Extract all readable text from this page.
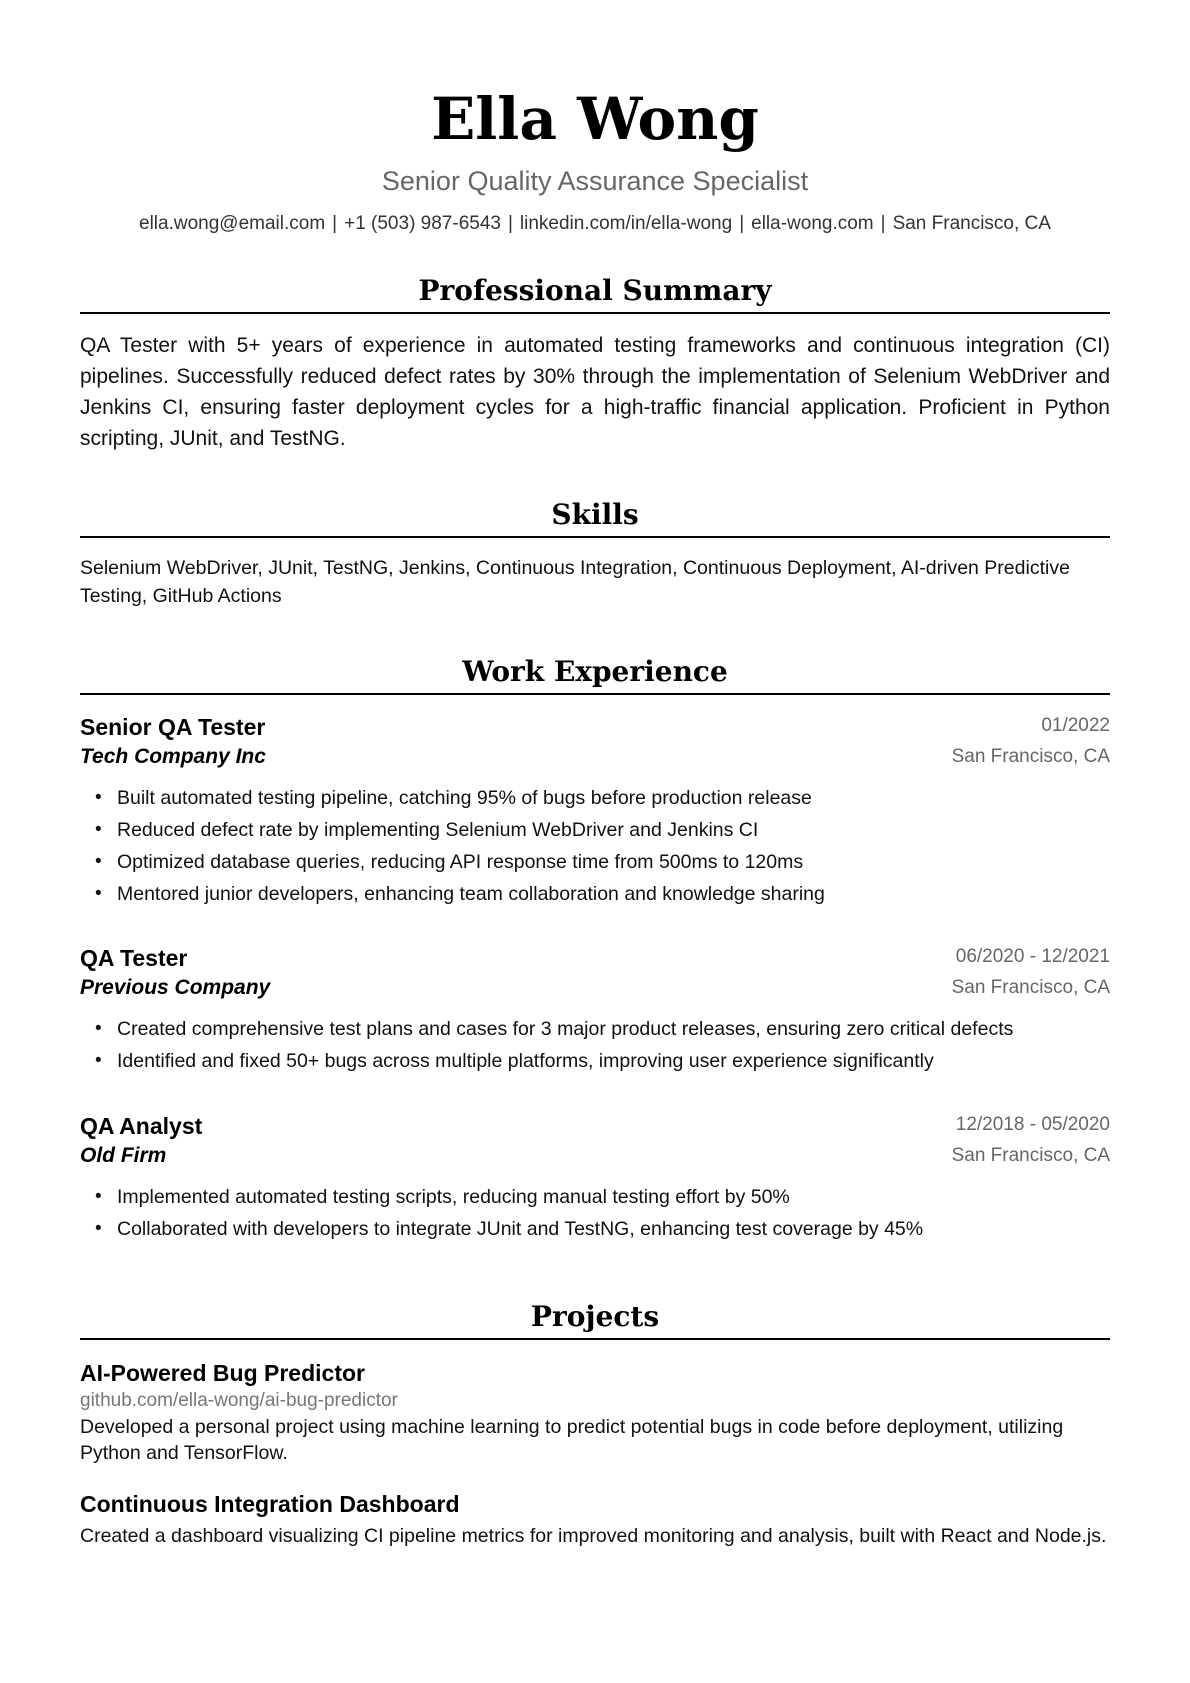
Ella Wong
Senior Quality Assurance Specialist
ella.wong@email.com | +1 (503) 987-6543 | linkedin.com/in/ella-wong | ella-wong.com | San Francisco, CA
Professional Summary

QA Tester with 5+ years of experience in automated testing frameworks and continuous integration (CI) pipelines. Successfully reduced defect rates by 30% through the implementation of Selenium WebDriver and Jenkins CI, ensuring faster deployment cycles for a high-traffic financial application. Proficient in Python scripting, JUnit, and TestNG.

Skills

Selenium WebDriver, JUnit, TestNG, Jenkins, Continuous Integration, Continuous Deployment, AI-driven Predictive Testing, GitHub Actions

Work Experience
Senior QA Tester	01/2022
Tech Company Inc	San Francisco, CA
• Built automated testing pipeline, catching 95% of bugs before production release
• Reduced defect rate by implementing Selenium WebDriver and Jenkins CI
• Optimized database queries, reducing API response time from 500ms to 120ms
• Mentored junior developers, enhancing team collaboration and knowledge sharing
QA Tester	06/2020 - 12/2021
Previous Company	San Francisco, CA
• Created comprehensive test plans and cases for 3 major product releases, ensuring zero critical defects
• Identified and fixed 50+ bugs across multiple platforms, improving user experience significantly
QA Analyst	12/2018 - 05/2020
Old Firm	San Francisco, CA
• Implemented automated testing scripts, reducing manual testing effort by 50%
• Collaborated with developers to integrate JUnit and TestNG, enhancing test coverage by 45%
Projects
AI-Powered Bug Predictor
github.com/ella-wong/ai-bug-predictor
Developed a personal project using machine learning to predict potential bugs in code before deployment, utilizing Python and TensorFlow.
Continuous Integration Dashboard
Created a dashboard visualizing CI pipeline metrics for improved monitoring and analysis, built with React and Node.js.
